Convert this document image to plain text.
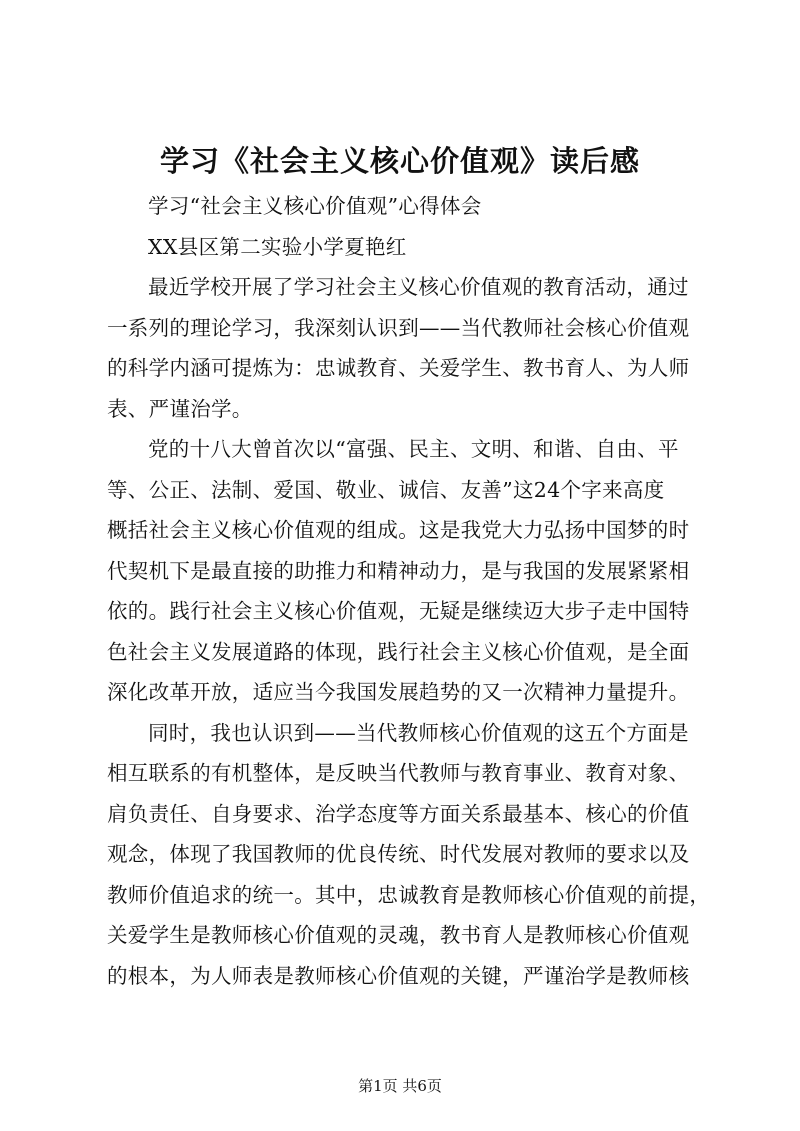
学习《社会主义核心价值观》读后感
学习“社会主义核心价值观”心得体会
XX县区第二实验小学夏艳红
最近学校开展了学习社会主义核心价值观的教育活动，通过
一系列的理论学习，我深刻认识到——当代教师社会核心价值观
的科学内涵可提炼为：忠诚教育、关爱学生、教书育人、为人师
表、严谨治学。
党的十八大曾首次以“富强、民主、文明、和谐、自由、平
等、公正、法制、爱国、敬业、诚信、友善”这24个字来高度
概括社会主义核心价值观的组成。这是我党大力弘扬中国梦的时
代契机下是最直接的助推力和精神动力，是与我国的发展紧紧相
依的。践行社会主义核心价值观，无疑是继续迈大步子走中国特
色社会主义发展道路的体现，践行社会主义核心价值观，是全面
深化改革开放，适应当今我国发展趋势的又一次精神力量提升。
同时，我也认识到——当代教师核心价值观的这五个方面是
相互联系的有机整体，是反映当代教师与教育事业、教育对象、
肩负责任、自身要求、治学态度等方面关系最基本、核心的价值
观念，体现了我国教师的优良传统、时代发展对教师的要求以及
教师价值追求的统一。其中，忠诚教育是教师核心价值观的前提，
关爱学生是教师核心价值观的灵魂，教书育人是教师核心价值观
的根本，为人师表是教师核心价值观的关键，严谨治学是教师核
第1页 共6页
